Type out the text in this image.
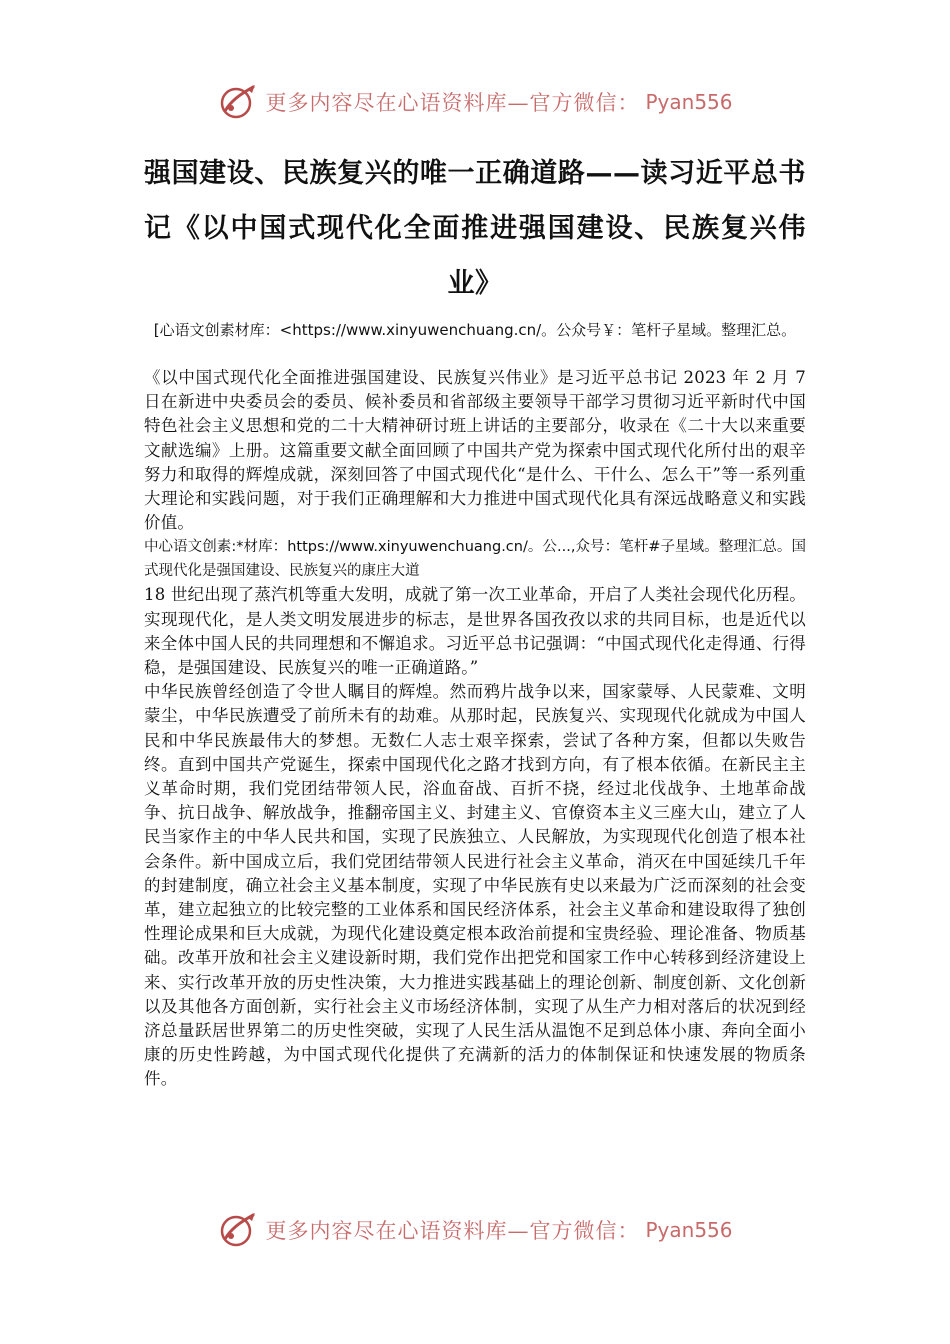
更多内容尽在心语资料库—官方微信： Pyan556
强国建设、民族复兴的唯一正确道路——读习近平总书记《以中国式现代化全面推进强国建设、民族复兴伟业》
[心语文创素材库：<https://www.xinyuwenchuang.cn/。公众号￥：笔杆子星域。整理汇总。

《以中国式现代化全面推进强国建设、民族复兴伟业》是习近平总书记 2023 年 2 月 7 日在新进中央委员会的委员、候补委员和省部级主要领导干部学习贯彻习近平新时代中国特色社会主义思想和党的二十大精神研讨班上讲话的主要部分，收录在《二十大以来重要文献选编》上册。这篇重要文献全面回顾了中国共产党为探索中国式现代化所付出的艰辛努力和取得的辉煌成就，深刻回答了中国式现代化“是什么、干什么、怎么干”等一系列重大理论和实践问题，对于我们正确理解和大力推进中国式现代化具有深远战略意义和实践价值。

中心语文创素:*材库：https://www.xinyuwenchuang.cn/。公...,众号：笔杆#子星域。整理汇总。国式现代化是强国建设、民族复兴的康庄大道

18 世纪出现了蒸汽机等重大发明，成就了第一次工业革命，开启了人类社会现代化历程。实现现代化，是人类文明发展进步的标志，是世界各国孜孜以求的共同目标，也是近代以来全体中国人民的共同理想和不懈追求。习近平总书记强调：“中国式现代化走得通、行得稳，是强国建设、民族复兴的唯一正确道路。”

中华民族曾经创造了令世人瞩目的辉煌。然而鸦片战争以来，国家蒙辱、人民蒙难、文明蒙尘，中华民族遭受了前所未有的劫难。从那时起，民族复兴、实现现代化就成为中国人民和中华民族最伟大的梦想。无数仁人志士艰辛探索，尝试了各种方案，但都以失败告终。直到中国共产党诞生，探索中国现代化之路才找到方向，有了根本依循。在新民主主义革命时期，我们党团结带领人民，浴血奋战、百折不挠，经过北伐战争、土地革命战争、抗日战争、解放战争，推翻帝国主义、封建主义、官僚资本主义三座大山，建立了人民当家作主的中华人民共和国，实现了民族独立、人民解放，为实现现代化创造了根本社会条件。新中国成立后，我们党团结带领人民进行社会主义革命，消灭在中国延续几千年的封建制度，确立社会主义基本制度，实现了中华民族有史以来最为广泛而深刻的社会变革，建立起独立的比较完整的工业体系和国民经济体系，社会主义革命和建设取得了独创性理论成果和巨大成就，为现代化建设奠定根本政治前提和宝贵经验、理论准备、物质基础。改革开放和社会主义建设新时期，我们党作出把党和国家工作中心转移到经济建设上来、实行改革开放的历史性决策，大力推进实践基础上的理论创新、制度创新、文化创新以及其他各方面创新，实行社会主义市场经济体制，实现了从生产力相对落后的状况到经济总量跃居世界第二的历史性突破，实现了人民生活从温饱不足到总体小康、奔向全面小康的历史性跨越，为中国式现代化提供了充满新的活力的体制保证和快速发展的物质条件。

更多内容尽在心语资料库—官方微信： Pyan556
